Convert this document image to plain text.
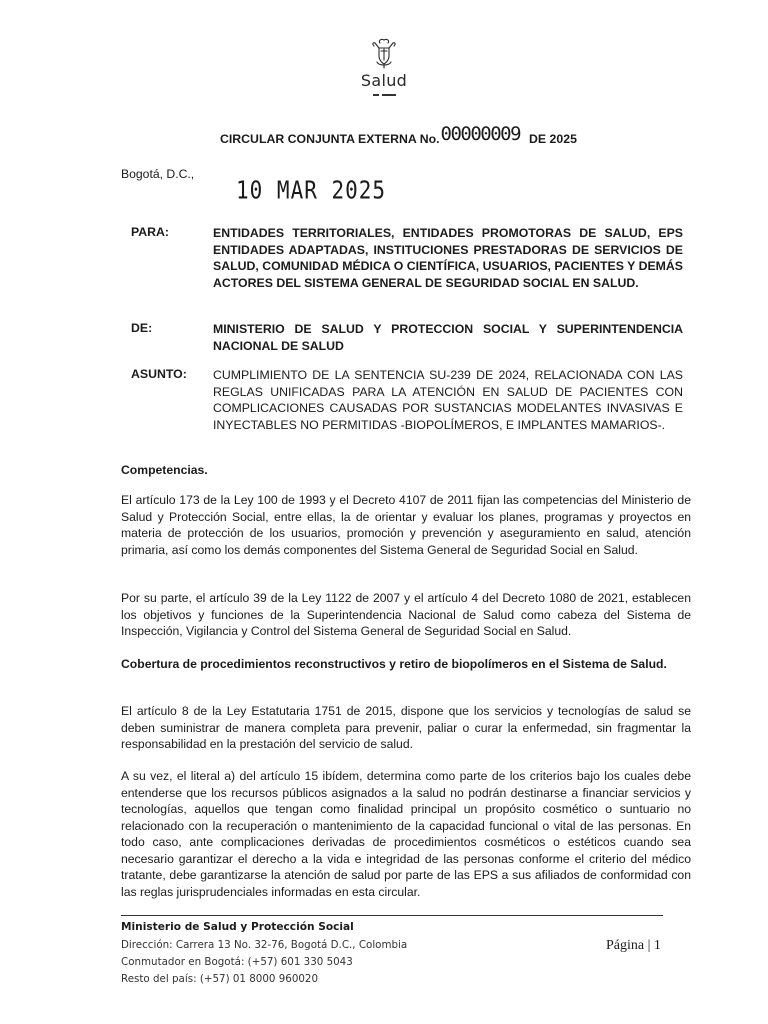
Salud
CIRCULAR CONJUNTA EXTERNA No. 00000009 DE 2025
Bogotá, D.C.,
10 MAR 2025
PARA:	ENTIDADES TERRITORIALES, ENTIDADES PROMOTORAS DE SALUD, EPS ENTIDADES ADAPTADAS, INSTITUCIONES PRESTADORAS DE SERVICIOS DE SALUD, COMUNIDAD MÉDICA O CIENTÍFICA, USUARIOS, PACIENTES Y DEMÁS ACTORES DEL SISTEMA GENERAL DE SEGURIDAD SOCIAL EN SALUD.
DE:	MINISTERIO DE SALUD Y PROTECCION SOCIAL Y SUPERINTENDENCIA NACIONAL DE SALUD
ASUNTO: CUMPLIMIENTO DE LA SENTENCIA SU-239 DE 2024, RELACIONADA CON LAS REGLAS UNIFICADAS PARA LA ATENCIÓN EN SALUD DE PACIENTES CON COMPLICACIONES CAUSADAS POR SUSTANCIAS MODELANTES INVASIVAS E INYECTABLES NO PERMITIDAS -BIOPOLÍMEROS, E IMPLANTES MAMARIOS-.
Competencias.
El artículo 173 de la Ley 100 de 1993 y el Decreto 4107 de 2011 fijan las competencias del Ministerio de Salud y Protección Social, entre ellas, la de orientar y evaluar los planes, programas y proyectos en materia de protección de los usuarios, promoción y prevención y aseguramiento en salud, atención primaria, así como los demás componentes del Sistema General de Seguridad Social en Salud.
Por su parte, el artículo 39 de la Ley 1122 de 2007 y el artículo 4 del Decreto 1080 de 2021, establecen los objetivos y funciones de la Superintendencia Nacional de Salud como cabeza del Sistema de Inspección, Vigilancia y Control del Sistema General de Seguridad Social en Salud.
Cobertura de procedimientos reconstructivos y retiro de biopolímeros en el Sistema de Salud.
El artículo 8 de la Ley Estatutaria 1751 de 2015, dispone que los servicios y tecnologías de salud se deben suministrar de manera completa para prevenir, paliar o curar la enfermedad, sin fragmentar la responsabilidad en la prestación del servicio de salud.
A su vez, el literal a) del artículo 15 ibídem, determina como parte de los criterios bajo los cuales debe entenderse que los recursos públicos asignados a la salud no podrán destinarse a financiar servicios y tecnologías, aquellos que tengan como finalidad principal un propósito cosmético o suntuario no relacionado con la recuperación o mantenimiento de la capacidad funcional o vital de las personas. En todo caso, ante complicaciones derivadas de procedimientos cosméticos o estéticos cuando sea necesario garantizar el derecho a la vida e integridad de las personas conforme el criterio del médico tratante, debe garantizarse la atención de salud por parte de las EPS a sus afiliados de conformidad con las reglas jurisprudenciales informadas en esta circular.
Ministerio de Salud y Protección Social
Dirección: Carrera 13 No. 32-76, Bogotá D.C., Colombia
Conmutador en Bogotá: (+57) 601 330 5043
Resto del país: (+57) 01 8000 960020
Página | 1
